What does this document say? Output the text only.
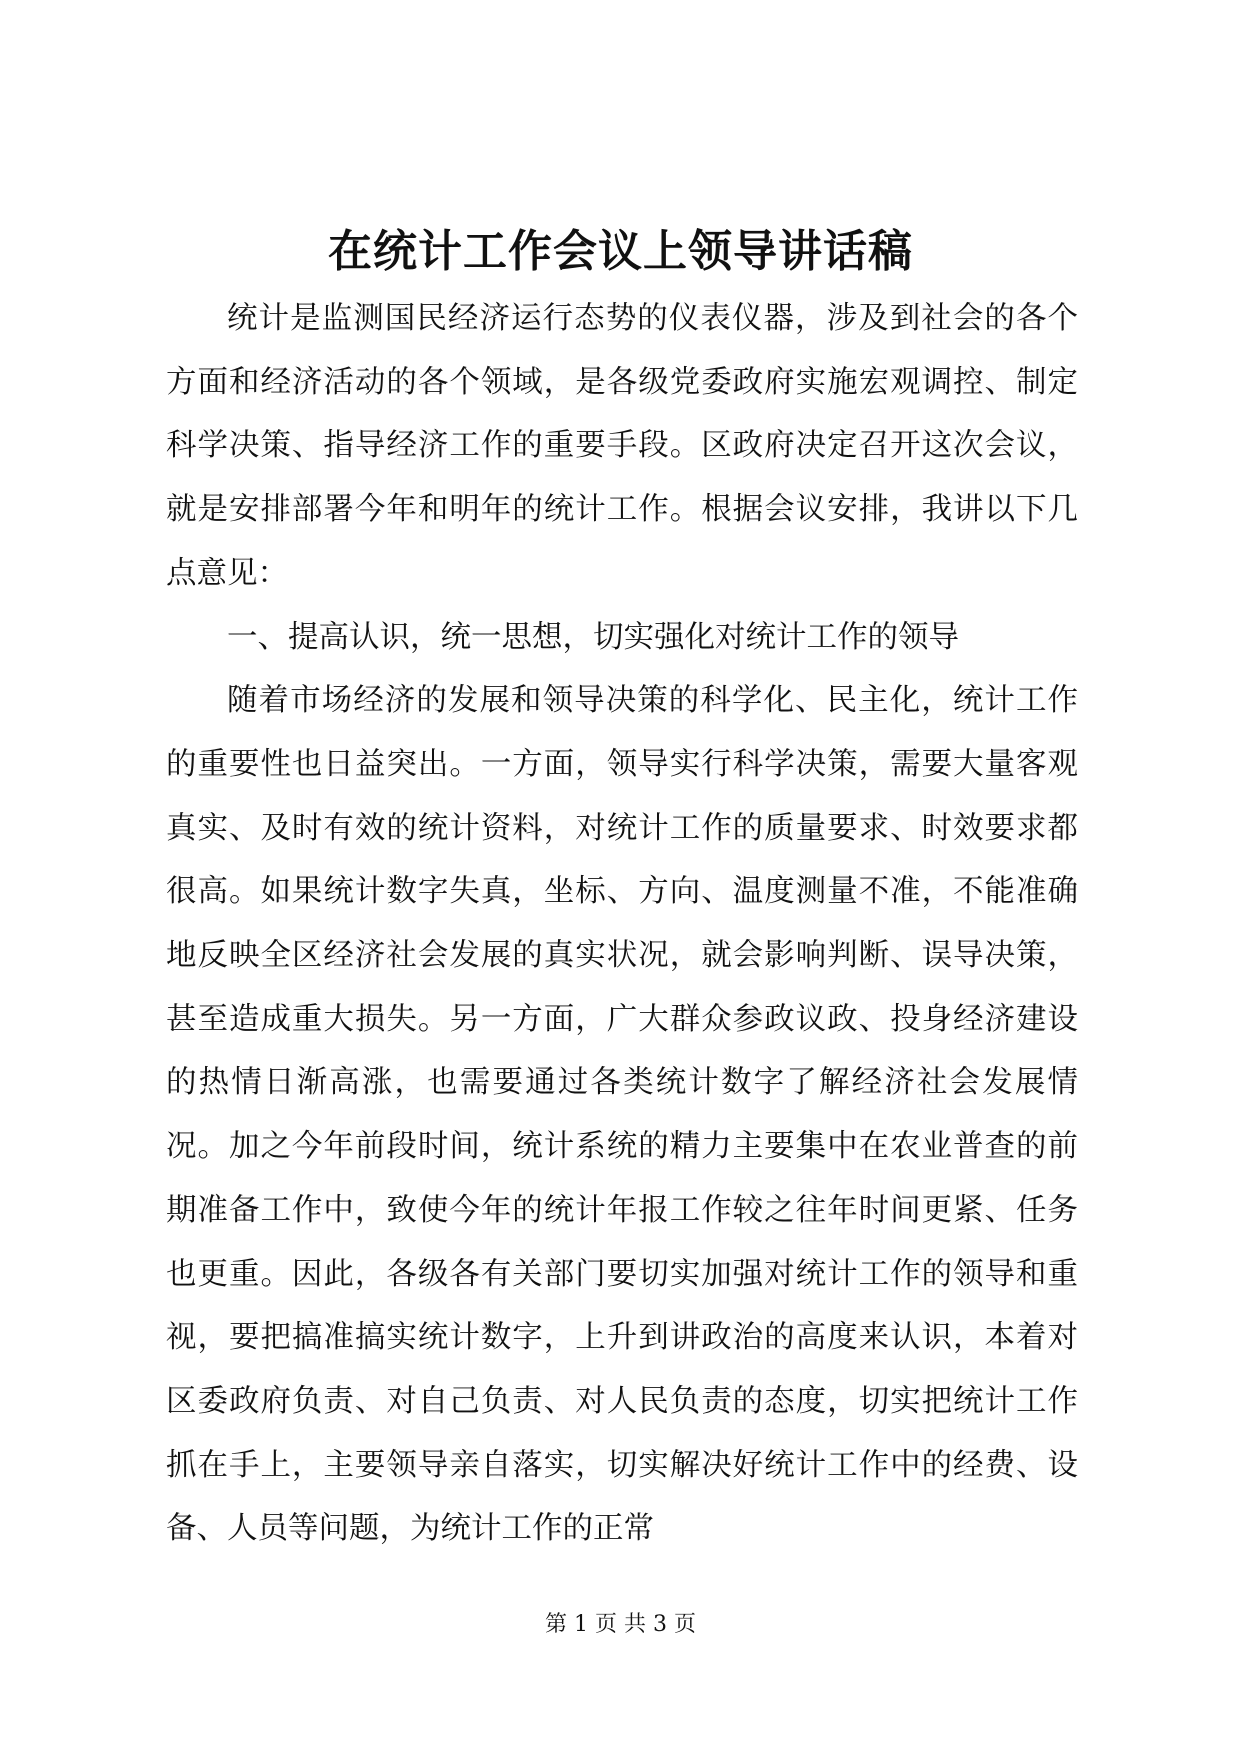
在统计工作会议上领导讲话稿

统计是监测国民经济运行态势的仪表仪器，涉及到社会的各个方面和经济活动的各个领域，是各级党委政府实施宏观调控、制定科学决策、指导经济工作的重要手段。区政府决定召开这次会议，就是安排部署今年和明年的统计工作。根据会议安排，我讲以下几点意见：

一、提高认识，统一思想，切实强化对统计工作的领导

随着市场经济的发展和领导决策的科学化、民主化，统计工作的重要性也日益突出。一方面，领导实行科学决策，需要大量客观真实、及时有效的统计资料，对统计工作的质量要求、时效要求都很高。如果统计数字失真，坐标、方向、温度测量不准，不能准确地反映全区经济社会发展的真实状况，就会影响判断、误导决策，甚至造成重大损失。另一方面，广大群众参政议政、投身经济建设的热情日渐高涨，也需要通过各类统计数字了解经济社会发展情况。加之今年前段时间，统计系统的精力主要集中在农业普查的前期准备工作中，致使今年的统计年报工作较之往年时间更紧、任务也更重。因此，各级各有关部门要切实加强对统计工作的领导和重视，要把搞准搞实统计数字，上升到讲政治的高度来认识，本着对区委政府负责、对自己负责、对人民负责的态度，切实把统计工作抓在手上，主要领导亲自落实，切实解决好统计工作中的经费、设备、人员等问题，为统计工作的正常

第 1 页 共 3 页
